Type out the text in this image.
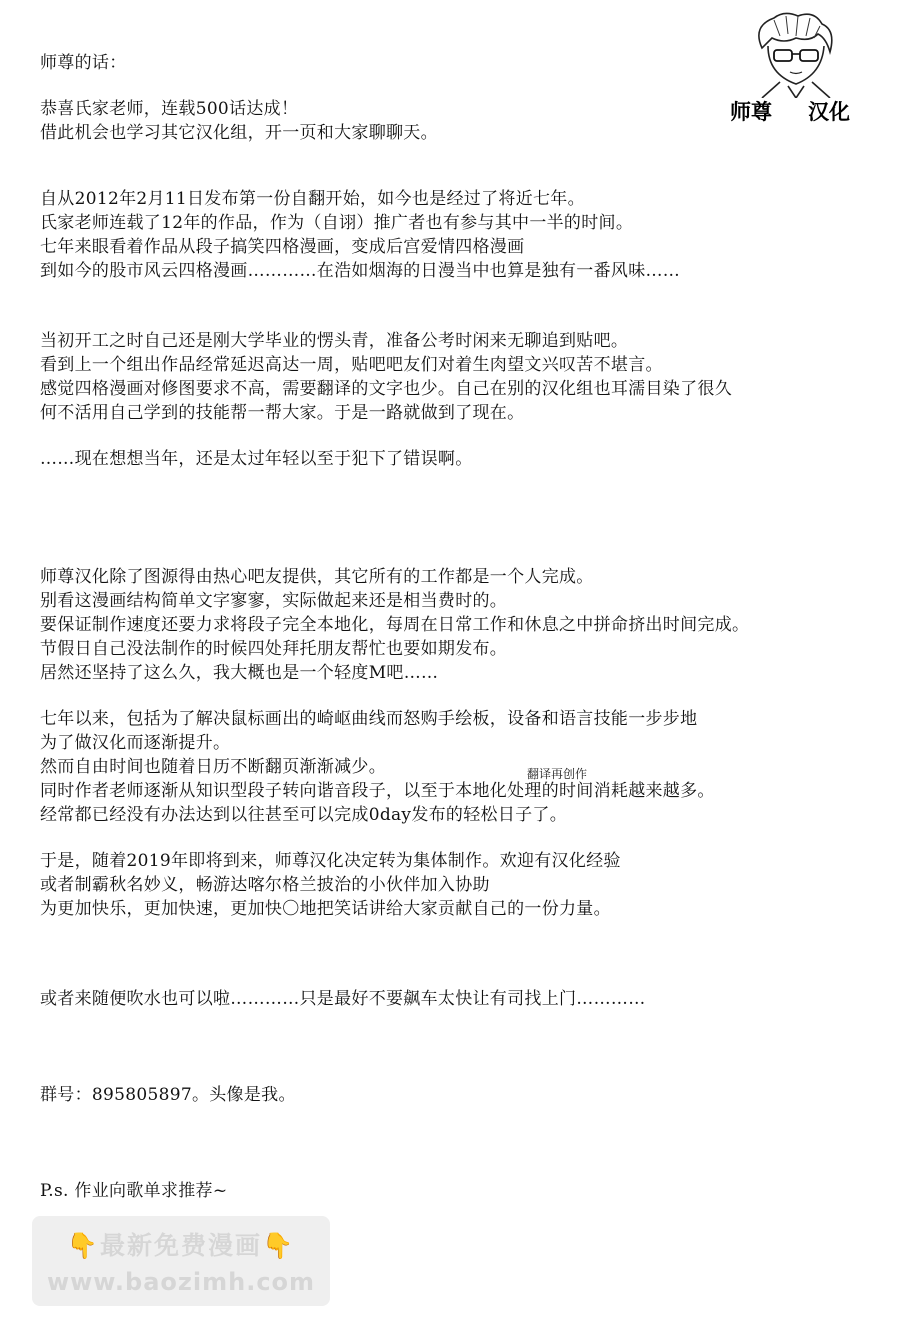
师尊 汉化
师尊的话：
恭喜氏家老师，连载500话达成！
借此机会也学习其它汉化组，开一页和大家聊聊天。
自从2012年2月11日发布第一份自翻开始，如今也是经过了将近七年。
氏家老师连载了12年的作品，作为（自诩）推广者也有参与其中一半的时间。
七年来眼看着作品从段子搞笑四格漫画，变成后宫爱情四格漫画
到如今的股市风云四格漫画…………在浩如烟海的日漫当中也算是独有一番风味……
当初开工之时自己还是刚大学毕业的愣头青，准备公考时闲来无聊追到贴吧。
看到上一个组出作品经常延迟高达一周，贴吧吧友们对着生肉望文兴叹苦不堪言。
感觉四格漫画对修图要求不高，需要翻译的文字也少。自己在别的汉化组也耳濡目染了很久
何不活用自己学到的技能帮一帮大家。于是一路就做到了现在。
……现在想想当年，还是太过年轻以至于犯下了错误啊。
师尊汉化除了图源得由热心吧友提供，其它所有的工作都是一个人完成。
别看这漫画结构简单文字寥寥，实际做起来还是相当费时的。
要保证制作速度还要力求将段子完全本地化，每周在日常工作和休息之中拼命挤出时间完成。
节假日自己没法制作的时候四处拜托朋友帮忙也要如期发布。
居然还坚持了这么久，我大概也是一个轻度M吧……
七年以来，包括为了解决鼠标画出的崎岖曲线而怒购手绘板，设备和语言技能一步步地
为了做汉化而逐渐提升。
然而自由时间也随着日历不断翻页渐渐减少。
同时作者老师逐渐从知识型段子转向谐音段子，以至于本地化处理的时间消耗越来越多。
经常都已经没有办法达到以往甚至可以完成0day发布的轻松日子了。
翻译再创作
于是，随着2019年即将到来，师尊汉化决定转为集体制作。欢迎有汉化经验
或者制霸秋名妙义，畅游达喀尔格兰披治的小伙伴加入协助
为更加快乐，更加快速，更加快〇地把笑话讲给大家贡献自己的一份力量。
或者来随便吹水也可以啦…………只是最好不要飙车太快让有司找上门…………
群号：895805897。头像是我。
P.s. 作业向歌单求推荐~
👇最新免费漫画👇
www.baozimh.com
